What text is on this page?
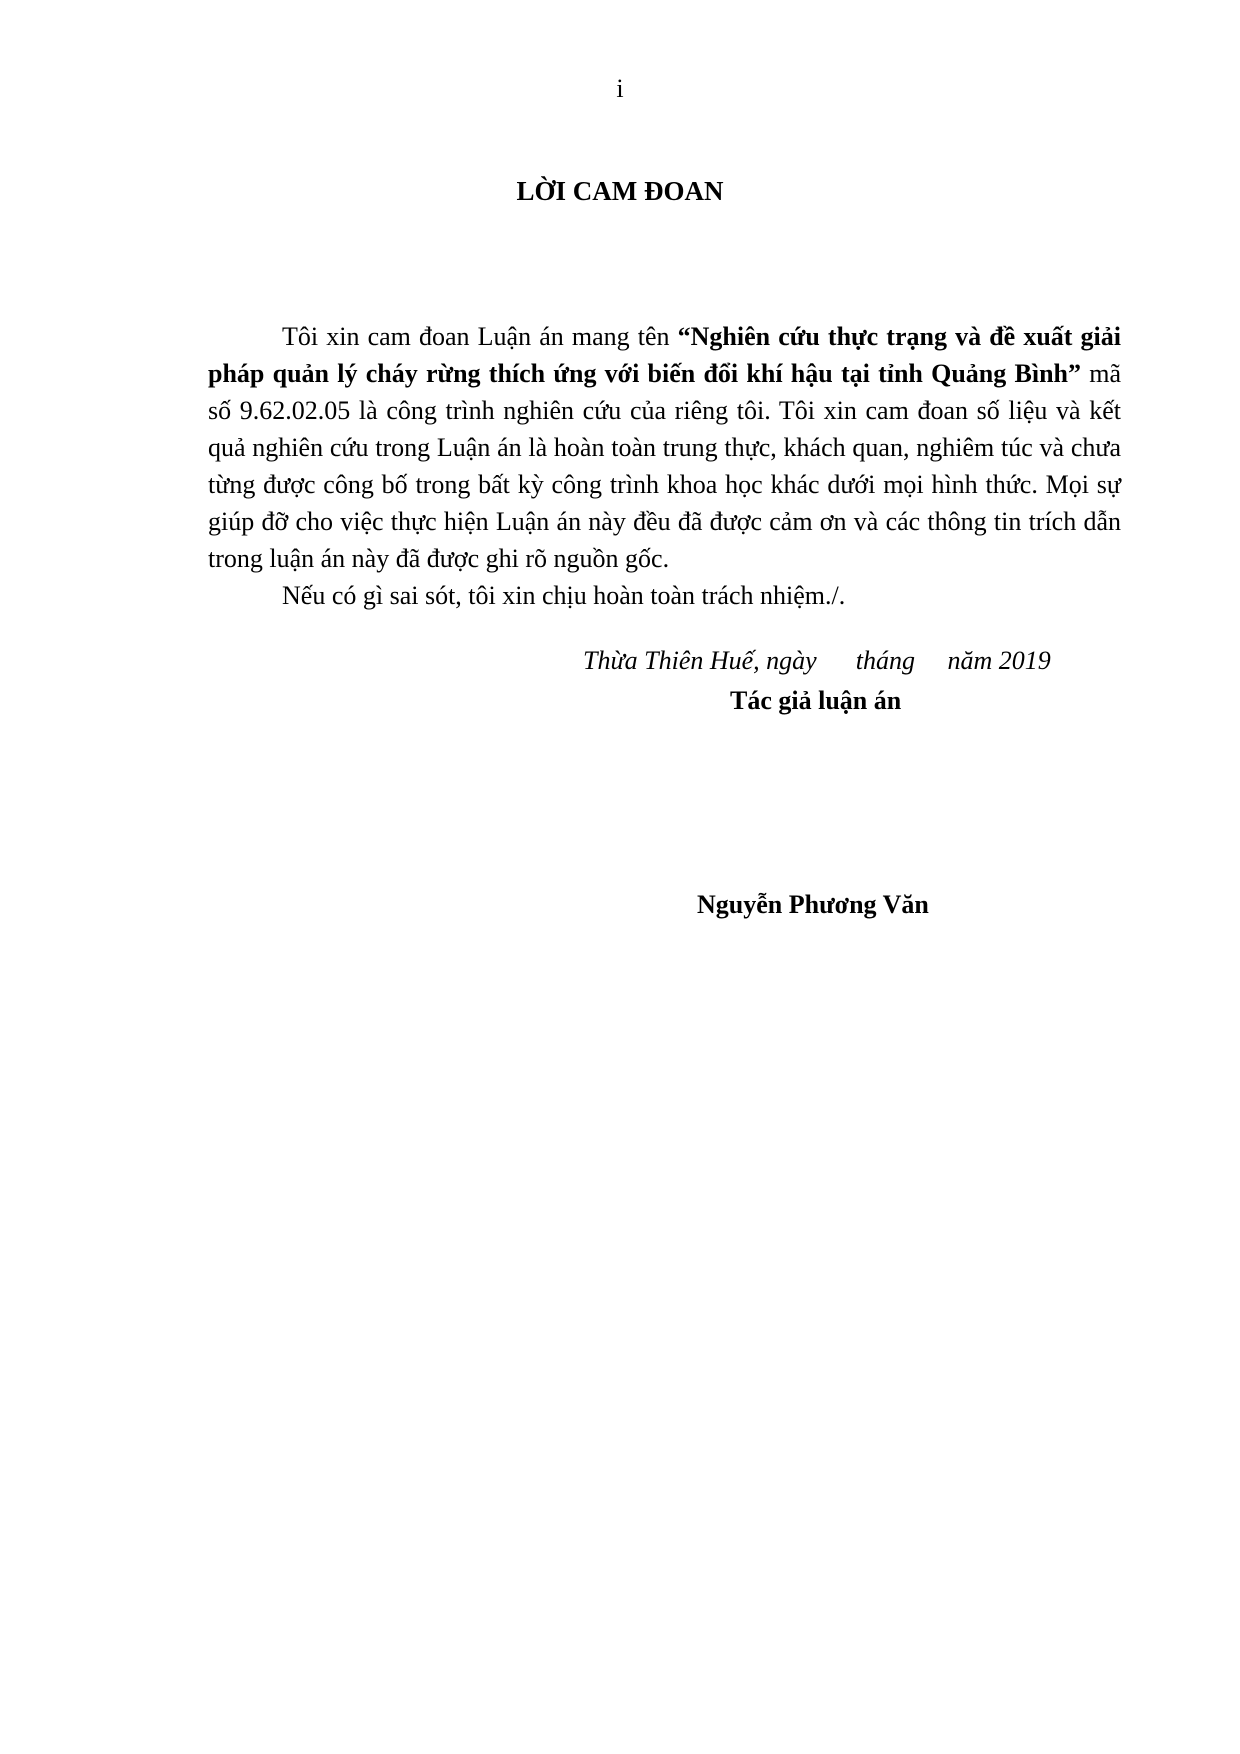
i
LỜI CAM ĐOAN

Tôi xin cam đoan Luận án mang tên “Nghiên cứu thực trạng và đề xuất giải pháp quản lý cháy rừng thích ứng với biến đổi khí hậu tại tỉnh Quảng Bình” mã số 9.62.02.05 là công trình nghiên cứu của riêng tôi. Tôi xin cam đoan số liệu và kết quả nghiên cứu trong Luận án là hoàn toàn trung thực, khách quan, nghiêm túc và chưa từng được công bố trong bất kỳ công trình khoa học khác dưới mọi hình thức. Mọi sự giúp đỡ cho việc thực hiện Luận án này đều đã được cảm ơn và các thông tin trích dẫn trong luận án này đã được ghi rõ nguồn gốc.

Nếu có gì sai sót, tôi xin chịu hoàn toàn trách nhiệm./.

Thừa Thiên Huế, ngày      tháng     năm 2019
Tác giả luận án
Nguyễn Phương Văn
